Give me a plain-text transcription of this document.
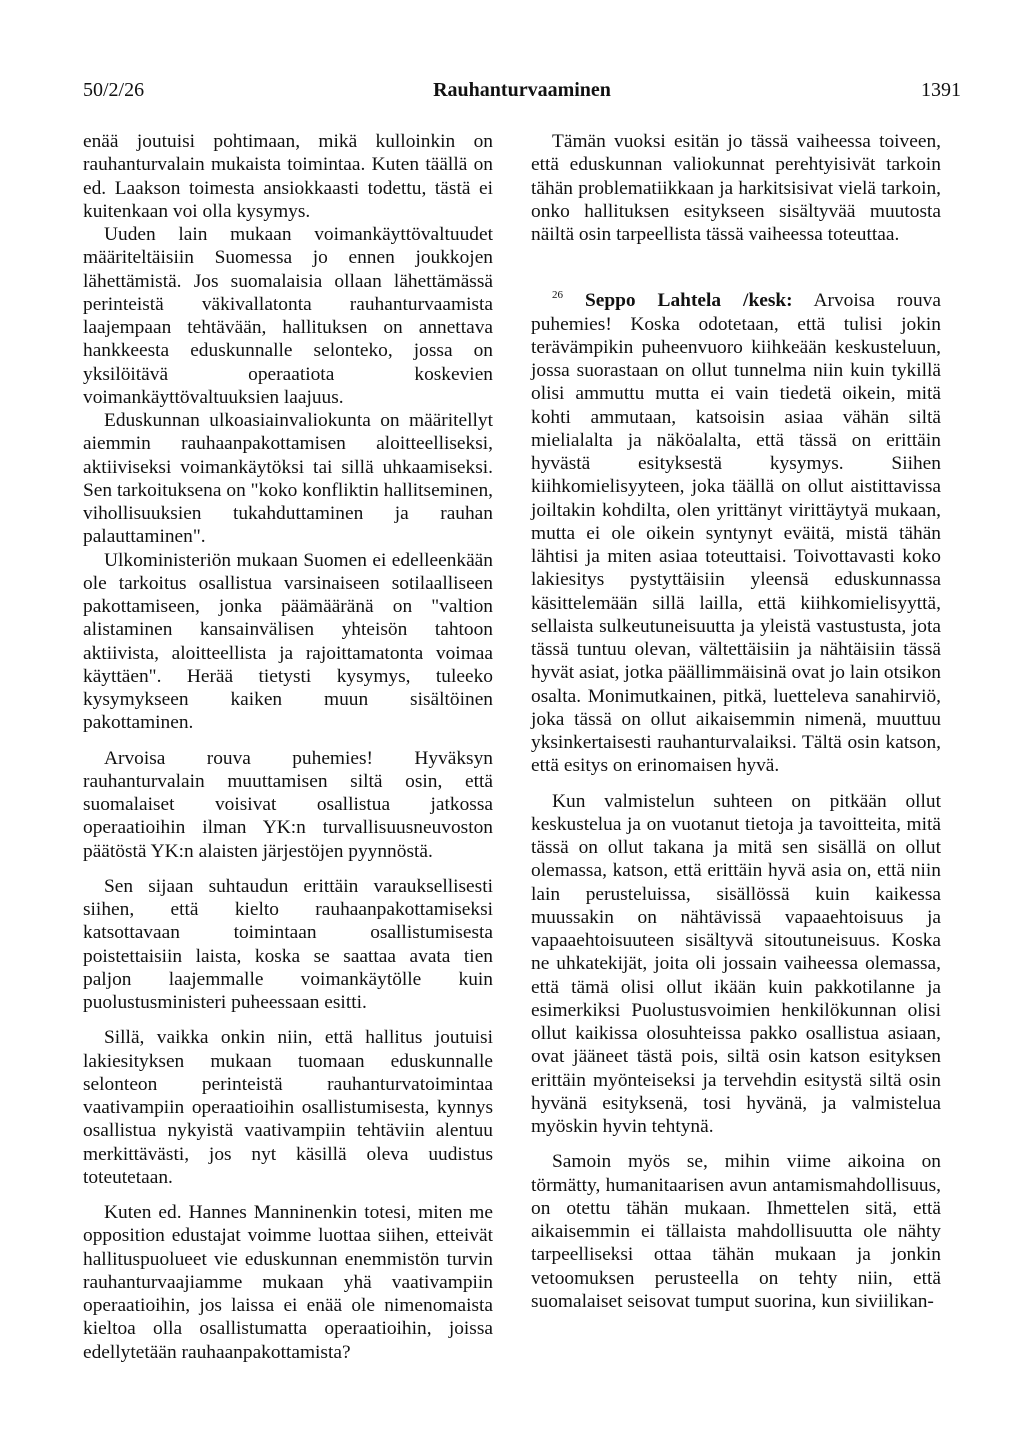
50/2/26	Rauhanturvaaminen	1391

enää joutuisi pohtimaan, mikä kulloinkin on rauhanturvalain mukaista toimintaa. Kuten täällä on ed. Laakson toimesta ansiokkaasti todettu, tästä ei kuitenkaan voi olla kysymys.

Uuden lain mukaan voimankäyttövaltuudet määriteltäisiin Suomessa jo ennen joukkojen lähettämistä. Jos suomalaisia ollaan lähettämässä perinteistä väkivallatonta rauhanturvaamista laajempaan tehtävään, hallituksen on annettava hankkeesta eduskunnalle selonteko, jossa on yksilöitävä operaatiota koskevien voimankäyttövaltuuksien laajuus.

Eduskunnan ulkoasiainvaliokunta on määritellyt aiemmin rauhaanpakottamisen aloitteelliseksi, aktiiviseksi voimankäytöksi tai sillä uhkaamiseksi. Sen tarkoituksena on "koko konfliktin hallitseminen, vihollisuuksien tukahduttaminen ja rauhan palauttaminen".

Ulkoministeriön mukaan Suomen ei edelleenkään ole tarkoitus osallistua varsinaiseen sotilaalliseen pakottamiseen, jonka päämääränä on "valtion alistaminen kansainvälisen yhteisön tahtoon aktiivista, aloitteellista ja rajoittamatonta voimaa käyttäen". Herää tietysti kysymys, tuleeko kysymykseen kaiken muun sisältöinen pakottaminen.

Arvoisa rouva puhemies! Hyväksyn rauhanturvalain muuttamisen siltä osin, että suomalaiset voisivat osallistua jatkossa operaatioihin ilman YK:n turvallisuusneuvoston päätöstä YK:n alaisten järjestöjen pyynnöstä.

Sen sijaan suhtaudun erittäin varauksellisesti siihen, että kielto rauhaanpakottamiseksi katsottavaan toimintaan osallistumisesta poistettaisiin laista, koska se saattaa avata tien paljon laajemmalle voimankäytölle kuin puolustusministeri puheessaan esitti.

Sillä, vaikka onkin niin, että hallitus joutuisi lakiesityksen mukaan tuomaan eduskunnalle selonteon perinteistä rauhanturvatoimintaa vaativampiin operaatioihin osallistumisesta, kynnys osallistua nykyistä vaativampiin tehtäviin alentuu merkittävästi, jos nyt käsillä oleva uudistus toteutetaan.

Kuten ed. Hannes Manninenkin totesi, miten me opposition edustajat voimme luottaa siihen, etteivät hallituspuolueet vie eduskunnan enemmistön turvin rauhanturvaajiamme mukaan yhä vaativampiin operaatioihin, jos laissa ei enää ole nimenomaista kieltoa olla osallistumatta operaatioihin, joissa edellytetään rauhaanpakottamista?

Tämän vuoksi esitän jo tässä vaiheessa toiveen, että eduskunnan valiokunnat perehtyisivät tarkoin tähän problematiikkaan ja harkitsisivat vielä tarkoin, onko hallituksen esitykseen sisältyvää muutosta näiltä osin tarpeellista tässä vaiheessa toteuttaa.

$^{26}$ Seppo Lahtela /kesk: Arvoisa rouva puhemies! Koska odotetaan, että tulisi jokin terävämpikin puheenvuoro kiihkeään keskusteluun, jossa suorastaan on ollut tunnelma niin kuin tykillä olisi ammuttu mutta ei vain tiedetä oikein, mitä kohti ammutaan, katsoisin asiaa vähän siltä mielialalta ja näköalalta, että tässä on erittäin hyvästä esityksestä kysymys. Siihen kiihkomielisyyteen, joka täällä on ollut aistittavissa joiltakin kohdilta, olen yrittänyt virittäytyä mukaan, mutta ei ole oikein syntynyt eväitä, mistä tähän lähtisi ja miten asiaa toteuttaisi. Toivottavasti koko lakiesitys pystyttäisiin yleensä eduskunnassa käsittelemään sillä lailla, että kiihkomielisyyttä, sellaista sulkeutuneisuutta ja yleistä vastustusta, jota tässä tuntuu olevan, vältettäisiin ja nähtäisiin tässä hyvät asiat, jotka päällimmäisinä ovat jo lain otsikon osalta. Monimutkainen, pitkä, luetteleva sanahirviö, joka tässä on ollut aikaisemmin nimenä, muuttuu yksinkertaisesti rauhanturvalaiksi. Tältä osin katson, että esitys on erinomaisen hyvä.

Kun valmistelun suhteen on pitkään ollut keskustelua ja on vuotanut tietoja ja tavoitteita, mitä tässä on ollut takana ja mitä sen sisällä on ollut olemassa, katson, että erittäin hyvä asia on, että niin lain perusteluissa, sisällössä kuin kaikessa muussakin on nähtävissä vapaaehtoisuus ja vapaaehtoisuuteen sisältyvä sitoutuneisuus. Koska ne uhkatekijät, joita oli jossain vaiheessa olemassa, että tämä olisi ollut ikään kuin pakkotilanne ja esimerkiksi Puolustusvoimien henkilökunnan olisi ollut kaikissa olosuhteissa pakko osallistua asiaan, ovat jääneet tästä pois, siltä osin katson esityksen erittäin myönteiseksi ja tervehdin esitystä siltä osin hyvänä esityksenä, tosi hyvänä, ja valmistelua myöskin hyvin tehtynä.

Samoin myös se, mihin viime aikoina on törmätty, humanitaarisen avun antamismahdollisuus, on otettu tähän mukaan. Ihmettelen sitä, että aikaisemmin ei tällaista mahdollisuutta ole nähty tarpeelliseksi ottaa tähän mukaan ja jonkin vetoomuksen perusteella on tehty niin, että suomalaiset seisovat tumput suorina, kun siviilikan-
